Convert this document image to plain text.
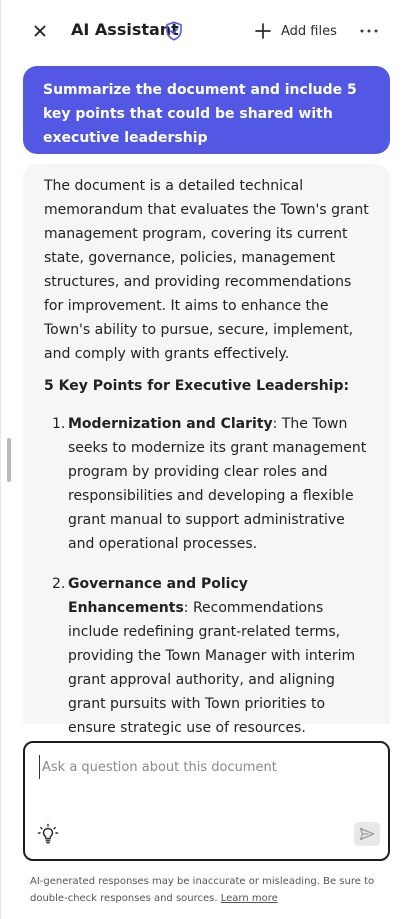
AI Assistant	Add files
Summarize the document and include 5 key points that could be shared with executive leadership

The document is a detailed technical memorandum that evaluates the Town's grant management program, covering its current state, governance, policies, management structures, and providing recommendations for improvement. It aims to enhance the Town's ability to pursue, secure, implement, and comply with grants effectively.

5 Key Points for Executive Leadership:

1. Modernization and Clarity: The Town seeks to modernize its grant management program by providing clear roles and responsibilities and developing a flexible grant manual to support administrative and operational processes.
2. Governance and Policy Enhancements: Recommendations include redefining grant-related terms, providing the Town Manager with interim grant approval authority, and aligning grant pursuits with Town priorities to ensure strategic use of resources.
Ask a question about this document
AI-generated responses may be inaccurate or misleading. Be sure to double-check responses and sources. Learn more
